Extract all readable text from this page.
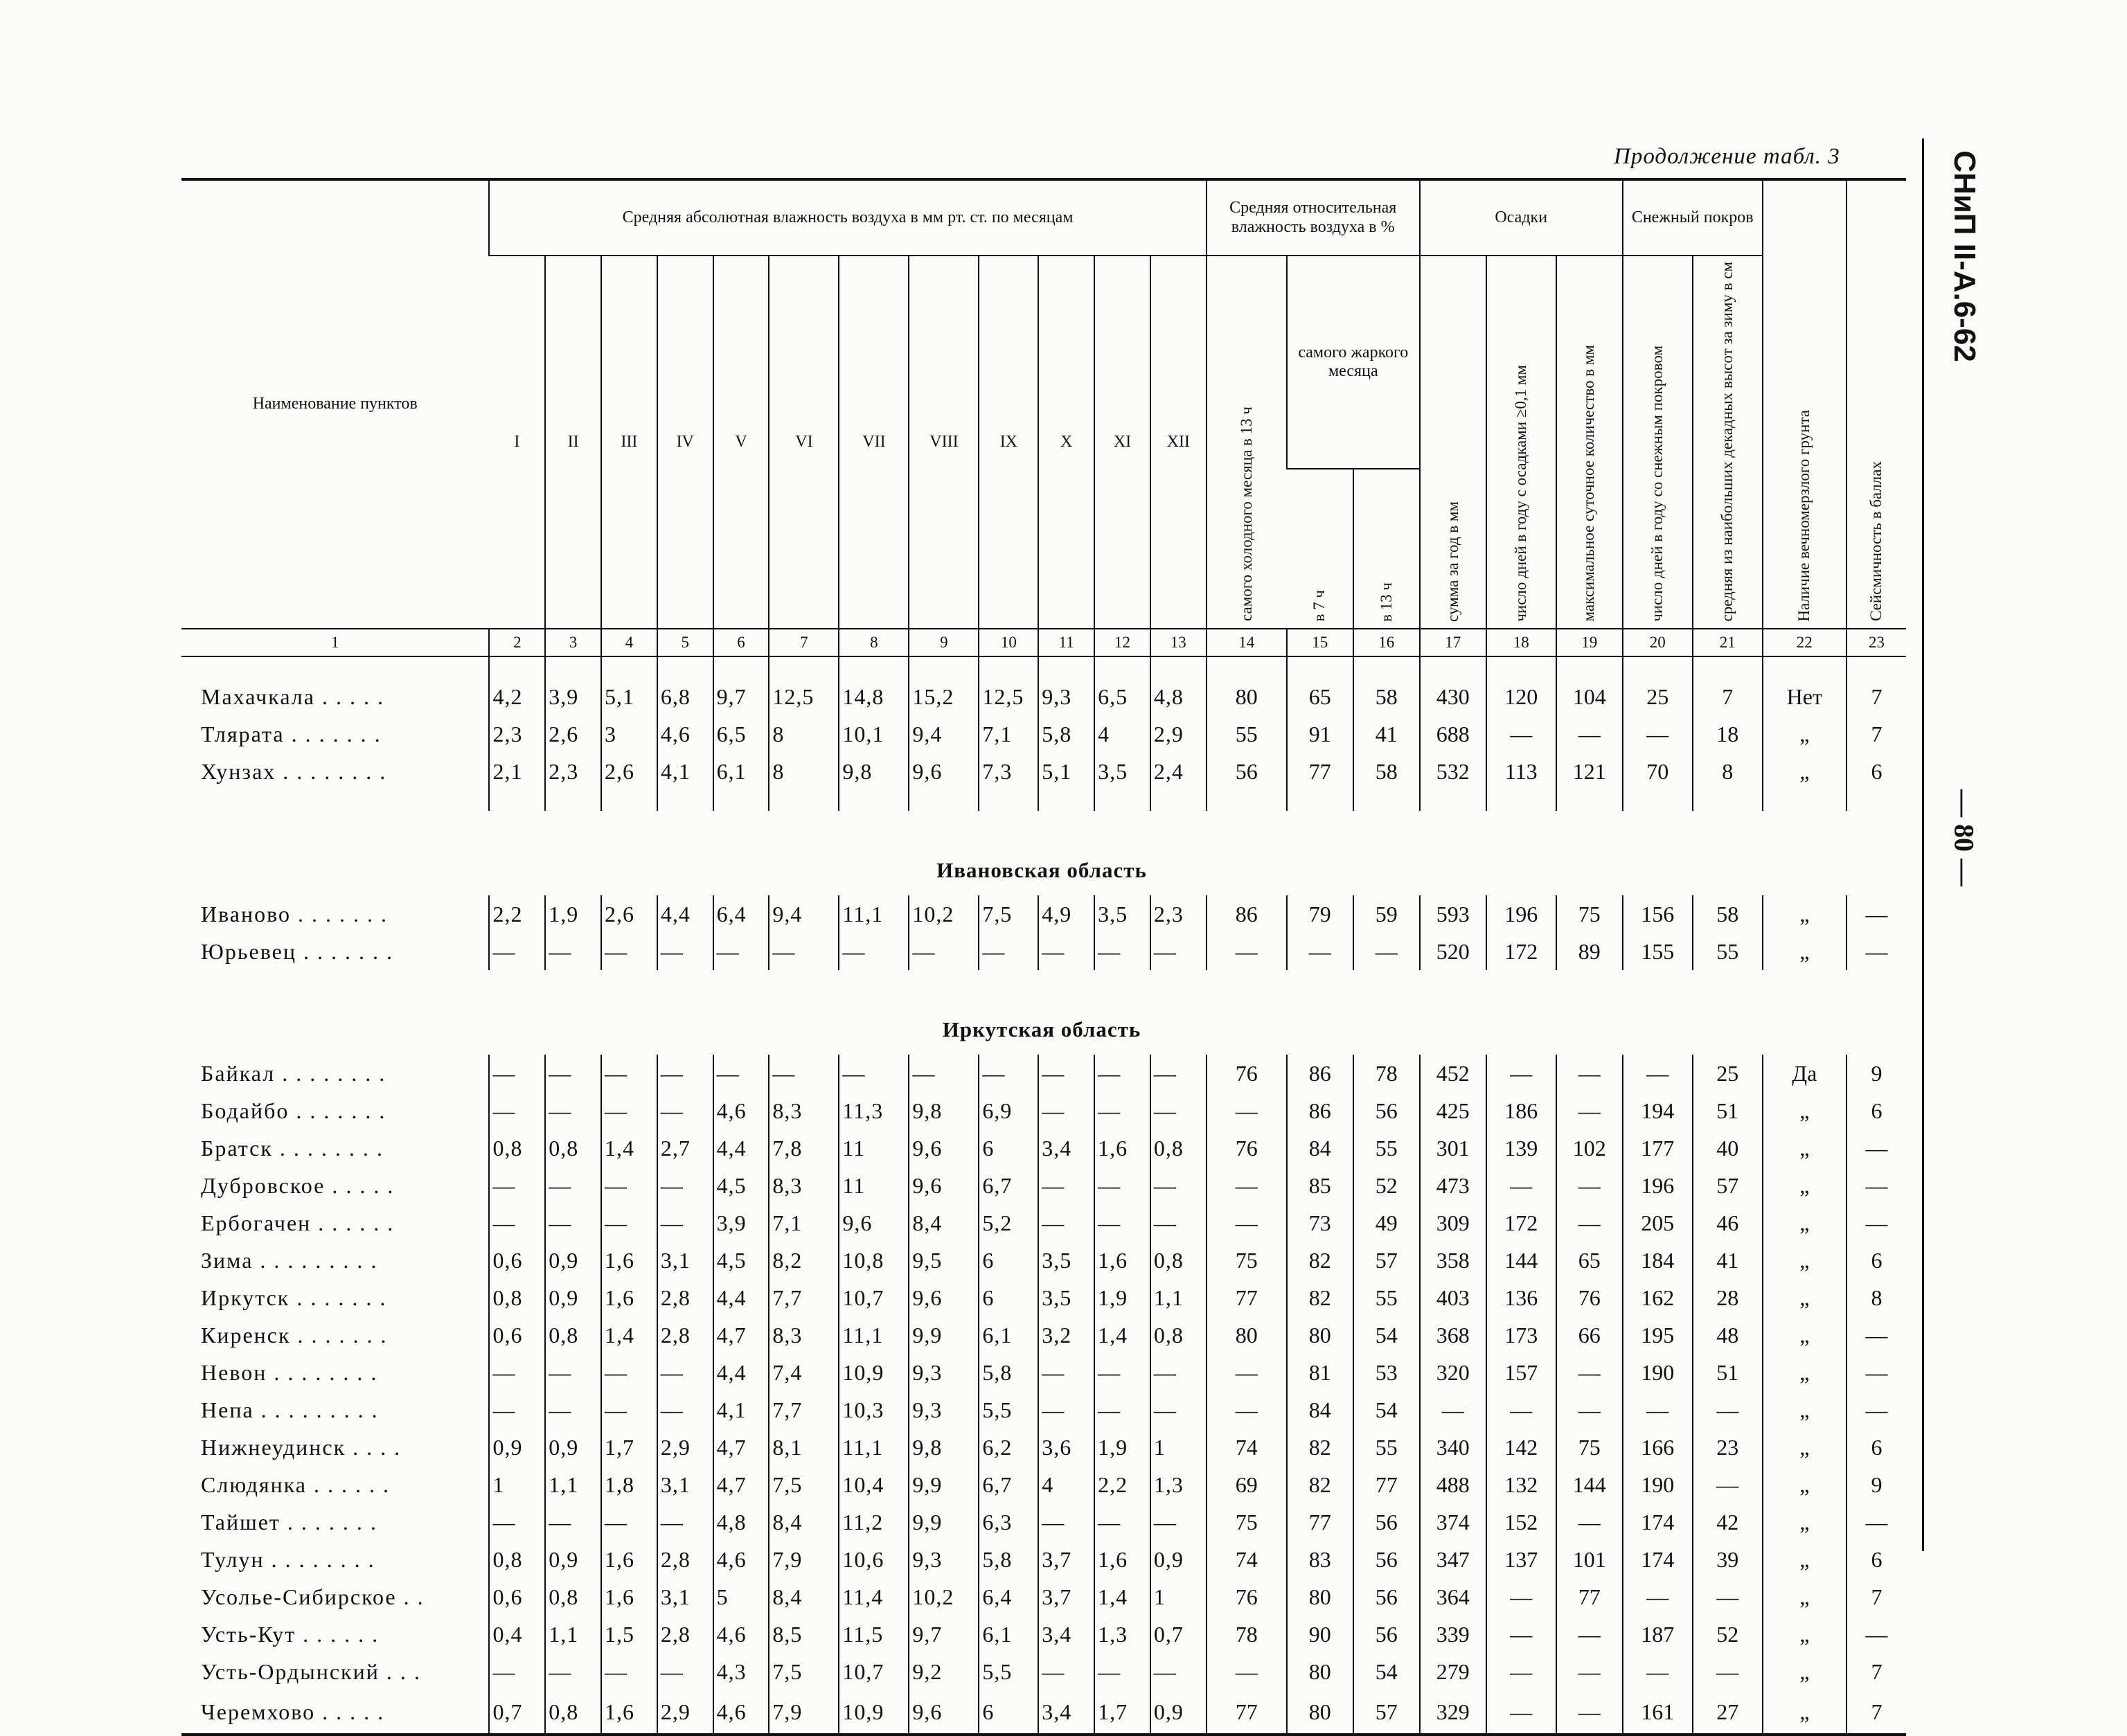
Продолжение табл. 3	СНиП II-А.6-62
— 80 —
Наименование пунктов	Средняя абсолютная влажность воздуха в мм рт. ст. по месяцам												Средняя относительная влажность воздуха в %			Осадки			Снежный покров		Наличие вечномерзлого грунта	Сейсмичность в баллах

	I	II	III	IV	V	VI	VII	VIII	IX	X	XI	XII	самого холодного месяца в 13 ч	самого жаркого месяца		сумма за год в мм	число дней в году с осадками ≥0,1 мм	максимальное суточное количество в мм	число дней в году со снежным покровом	средняя из наибольших декадных высот за зиму в см		

														в 7 ч	в 13 ч							

1	2	3	4	5	6	7	8	9	10	11	12	13	14	15	16	17	18	19	20	21	22	23

Махачкала . . . . .	4,2	3,9	5,1	6,8	9,7	12,5	14,8	15,2	12,5	9,3	6,5	4,8	80	65	58	430	120	104	25	7	Нет	7
Тлярата . . . . . . .	2,3	2,6	3	4,6	6,5	8	10,1	9,4	7,1	5,8	4	2,9	55	91	41	688	—	—	—	18	„	7
Хунзах . . . . . . . .	2,1	2,3	2,6	4,1	6,1	8	9,8	9,6	7,3	5,1	3,5	2,4	56	77	58	532	113	121	70	8	„	6

Ивановская область																						
Иваново . . . . . . .	2,2	1,9	2,6	4,4	6,4	9,4	11,1	10,2	7,5	4,9	3,5	2,3	86	79	59	593	196	75	156	58	„	—
Юрьевец . . . . . . .	—	—	—	—	—	—	—	—	—	—	—	—	—	—	—	520	172	89	155	55	„	—

Иркутская область																						
Байкал . . . . . . . .	—	—	—	—	—	—	—	—	—	—	—	—	76	86	78	452	—	—	—	25	Да	9
Бодайбо . . . . . . .	—	—	—	—	4,6	8,3	11,3	9,8	6,9	—	—	—	—	86	56	425	186	—	194	51	„	6
Братск . . . . . . . .	0,8	0,8	1,4	2,7	4,4	7,8	11	9,6	6	3,4	1,6	0,8	76	84	55	301	139	102	177	40	„	—
Дубровское . . . . .	—	—	—	—	4,5	8,3	11	9,6	6,7	—	—	—	—	85	52	473	—	—	196	57	„	—
Ербогачен . . . . . .	—	—	—	—	3,9	7,1	9,6	8,4	5,2	—	—	—	—	73	49	309	172	—	205	46	„	—
Зима . . . . . . . . .	0,6	0,9	1,6	3,1	4,5	8,2	10,8	9,5	6	3,5	1,6	0,8	75	82	57	358	144	65	184	41	„	6
Иркутск . . . . . . .	0,8	0,9	1,6	2,8	4,4	7,7	10,7	9,6	6	3,5	1,9	1,1	77	82	55	403	136	76	162	28	„	8
Киренск . . . . . . .	0,6	0,8	1,4	2,8	4,7	8,3	11,1	9,9	6,1	3,2	1,4	0,8	80	80	54	368	173	66	195	48	„	—
Невон . . . . . . . .	—	—	—	—	4,4	7,4	10,9	9,3	5,8	—	—	—	—	81	53	320	157	—	190	51	„	—
Непа . . . . . . . . .	—	—	—	—	4,1	7,7	10,3	9,3	5,5	—	—	—	—	84	54	—	—	—	—	—	„	—
Нижнеудинск . . . .	0,9	0,9	1,7	2,9	4,7	8,1	11,1	9,8	6,2	3,6	1,9	1	74	82	55	340	142	75	166	23	„	6
Слюдянка . . . . . .	1	1,1	1,8	3,1	4,7	7,5	10,4	9,9	6,7	4	2,2	1,3	69	82	77	488	132	144	190	—	„	9
Тайшет . . . . . . .	—	—	—	—	4,8	8,4	11,2	9,9	6,3	—	—	—	75	77	56	374	152	—	174	42	„	—
Тулун . . . . . . . .	0,8	0,9	1,6	2,8	4,6	7,9	10,6	9,3	5,8	3,7	1,6	0,9	74	83	56	347	137	101	174	39	„	6
Усолье-Сибирское . .	0,6	0,8	1,6	3,1	5	8,4	11,4	10,2	6,4	3,7	1,4	1	76	80	56	364	—	77	—	—	„	7
Усть-Кут . . . . . .	0,4	1,1	1,5	2,8	4,6	8,5	11,5	9,7	6,1	3,4	1,3	0,7	78	90	56	339	—	—	187	52	„	—
Усть-Ордынский . . .	—	—	—	—	4,3	7,5	10,7	9,2	5,5	—	—	—	—	80	54	279	—	—	—	—	„	7
Черемхово . . . . .	0,7	0,8	1,6	2,9	4,6	7,9	10,9	9,6	6	3,4	1,7	0,9	77	80	57	329	—	—	161	27	„	7
